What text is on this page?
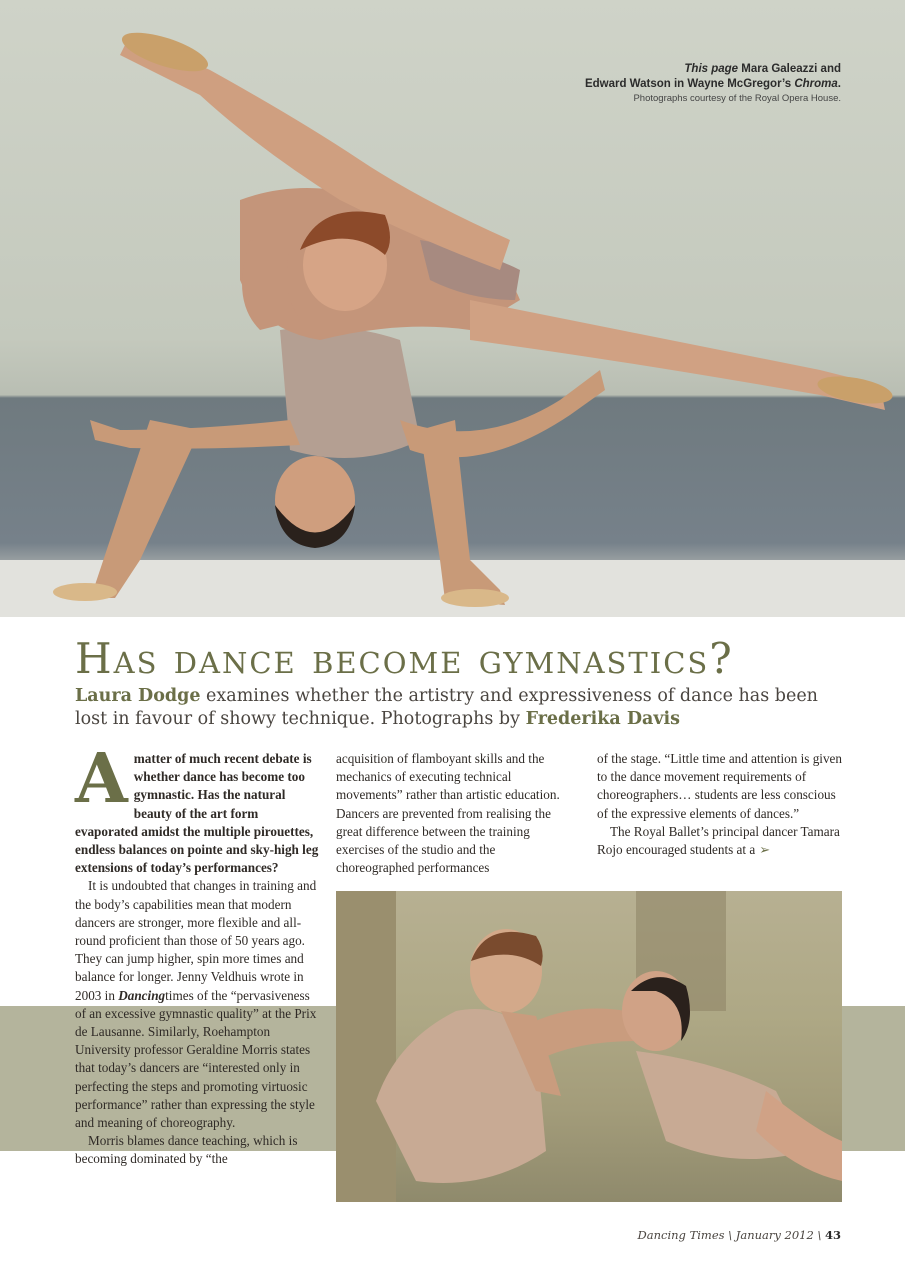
This page Mara Galeazzi and
Edward Watson in Wayne McGregor’s Chroma.
Photographs courtesy of the Royal Opera House.
Has dance become gymnastics?
Laura Dodge examines whether the artistry and expressiveness of dance has been lost in favour of showy technique. Photographs by Frederika Davis

A matter of much recent debate is whether dance has become too gymnastic. Has the natural beauty of the art form evaporated amidst the multiple pirouettes, endless balances on pointe and sky-high leg extensions of today’s performances?

It is undoubted that changes in training and the body’s capabilities mean that modern dancers are stronger, more flexible and all-round proficient than those of 50 years ago. They can jump higher, spin more times and balance for longer. Jenny Veldhuis wrote in 2003 in Dancingtimes of the “pervasiveness of an excessive gymnastic quality” at the Prix de Lausanne. Similarly, Roehampton University professor Geraldine Morris states that today’s dancers are “interested only in perfecting the steps and promoting virtuosic performance” rather than expressing the style and meaning of choreography.

Morris blames dance teaching, which is becoming dominated by “the

acquisition of flamboyant skills and the mechanics of executing technical movements” rather than artistic education. Dancers are prevented from realising the great difference between the training exercises of the studio and the choreographed performances

of the stage. “Little time and attention is given to the dance movement requirements of choreographers… students are less conscious of the expressive elements of dances.”

The Royal Ballet’s principal dancer Tamara Rojo encouraged students at a ➢

Dancing Times \ January 2012 \ 43
